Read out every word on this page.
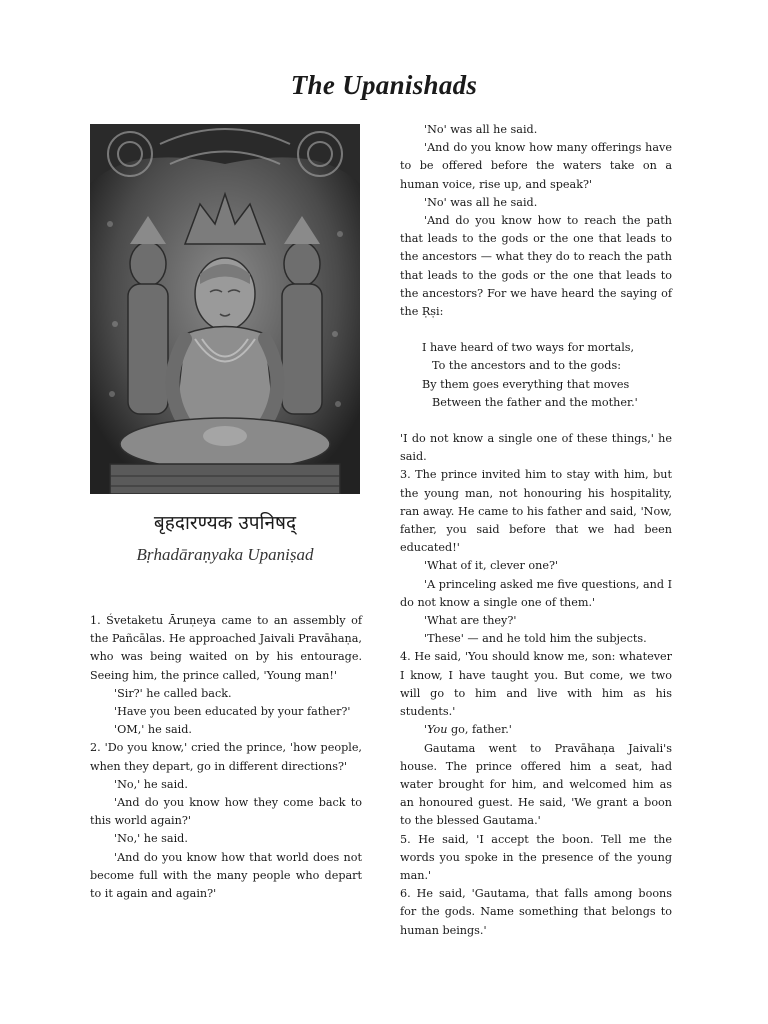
The Upanishads
बृहदारण्यक उपनिषद्
Bṛhadāraṇyaka Upaniṣad

1. Śvetaketu Āruṇeya came to an assembly of the Pañcālas. He approached Jaivali Pravāhaṇa, who was being waited on by his entourage. Seeing him, the prince called, 'Young man!'

'Sir?' he called back.

'Have you been educated by your father?'

'OM,' he said.

2. 'Do you know,' cried the prince, 'how people, when they depart, go in different directions?'

'No,' he said.

'And do you know how they come back to this world again?'

'No,' he said.

'And do you know how that world does not become full with the many people who depart to it again and again?'

'No' was all he said.

'And do you know how many offerings have to be offered before the waters take on a human voice, rise up, and speak?'

'No' was all he said.

'And do you know how to reach the path that leads to the gods or the one that leads to the ancestors — what they do to reach the path that leads to the gods or the one that leads to the ancestors? For we have heard the saying of the Ṛṣi:

I have heard of two ways for mortals,

To the ancestors and to the gods:

By them goes everything that moves

Between the father and the mother.'

'I do not know a single one of these things,' he said.

3. The prince invited him to stay with him, but the young man, not honouring his hospitality, ran away. He came to his father and said, 'Now, father, you said before that we had been educated!'

'What of it, clever one?'

'A princeling asked me five questions, and I do not know a single one of them.'

'What are they?'

'These' — and he told him the subjects.

4. He said, 'You should know me, son: whatever I know, I have taught you. But come, we two will go to him and live with him as his students.'

'You go, father.'

Gautama went to Pravāhaṇa Jaivali's house. The prince offered him a seat, had water brought for him, and welcomed him as an honoured guest. He said, 'We grant a boon to the blessed Gautama.'

5. He said, 'I accept the boon. Tell me the words you spoke in the presence of the young man.'

6. He said, 'Gautama, that falls among boons for the gods. Name something that belongs to human beings.'
